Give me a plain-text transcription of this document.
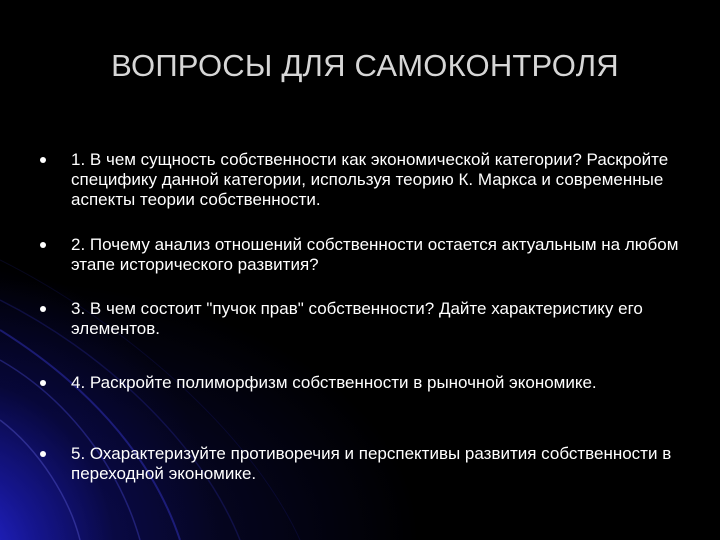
ВОПРОСЫ ДЛЯ САМОКОНТРОЛЯ
1. В чем сущность собственности как экономической категории? Раскройте специфику данной категории, используя теорию К. Маркса и современные аспекты теории собственности.
2. Почему анализ отношений собственности остается актуальным на любом этапе исторического развития?
3. В чем состоит "пучок прав" собственности? Дайте характеристику его элементов.
4. Раскройте полиморфизм собственности в рыночной экономике.
5. Охарактеризуйте противоречия и перспективы развития собственности в переходной экономике.
